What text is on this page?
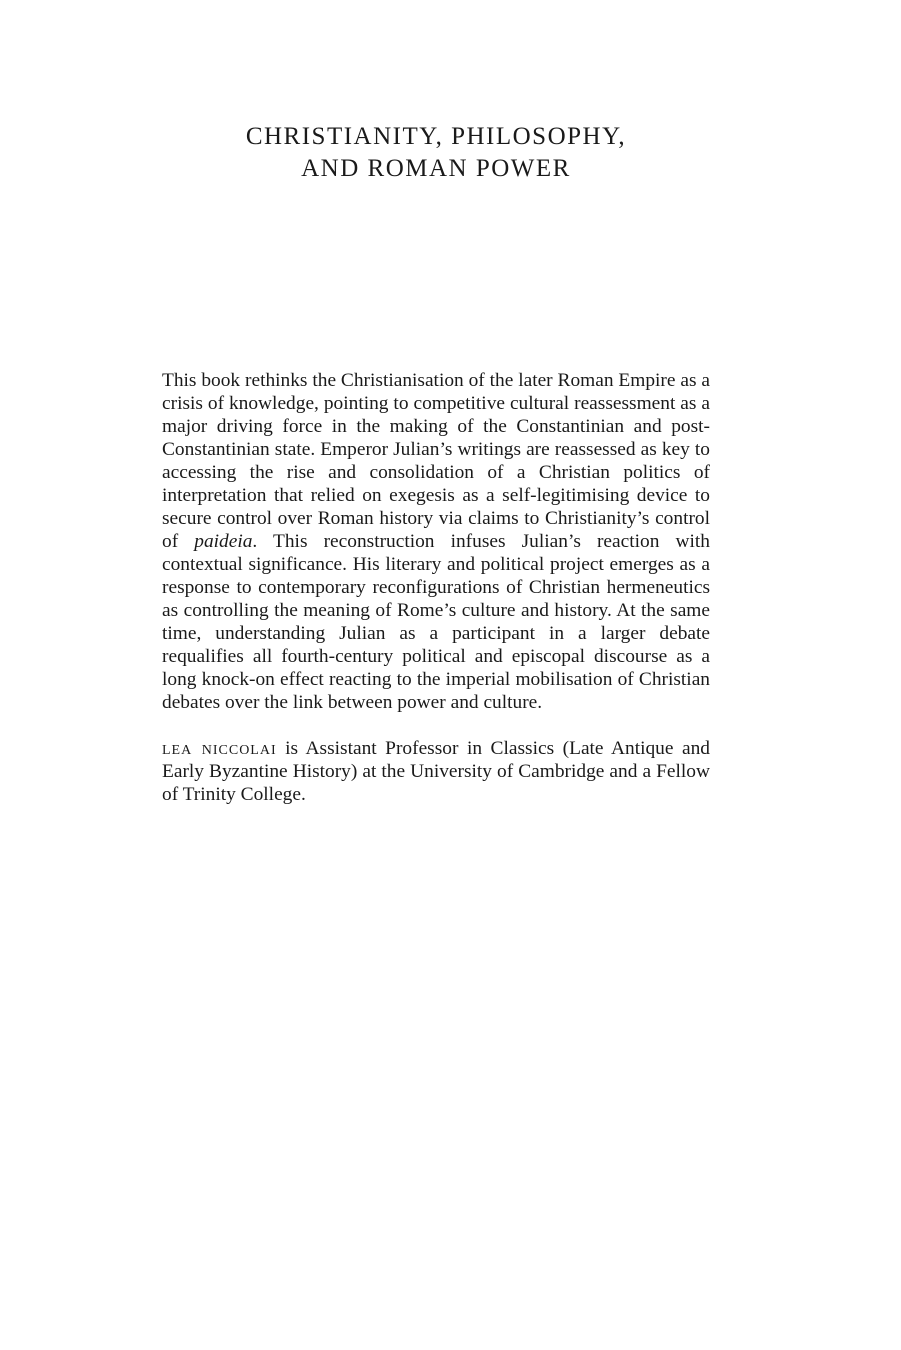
CHRISTIANITY, PHILOSOPHY,
AND ROMAN POWER

This book rethinks the Christianisation of the later Roman Empire as a crisis of knowledge, pointing to competitive cultural reassessment as a major driving force in the making of the Constantinian and post-Constantinian state. Emperor Julian’s writings are reassessed as key to accessing the rise and consolidation of a Christian politics of interpretation that relied on exegesis as a self-legitimising device to secure control over Roman history via claims to Christianity’s control of paideia. This reconstruction infuses Julian’s reaction with contextual significance. His literary and political project emerges as a response to contemporary reconfigurations of Christian hermeneutics as controlling the meaning of Rome’s culture and history. At the same time, understanding Julian as a participant in a larger debate requalifies all fourth-century political and episcopal discourse as a long knock-on effect reacting to the imperial mobilisation of Christian debates over the link between power and culture.

lea niccolai is Assistant Professor in Classics (Late Antique and Early Byzantine History) at the University of Cambridge and a Fellow of Trinity College.
